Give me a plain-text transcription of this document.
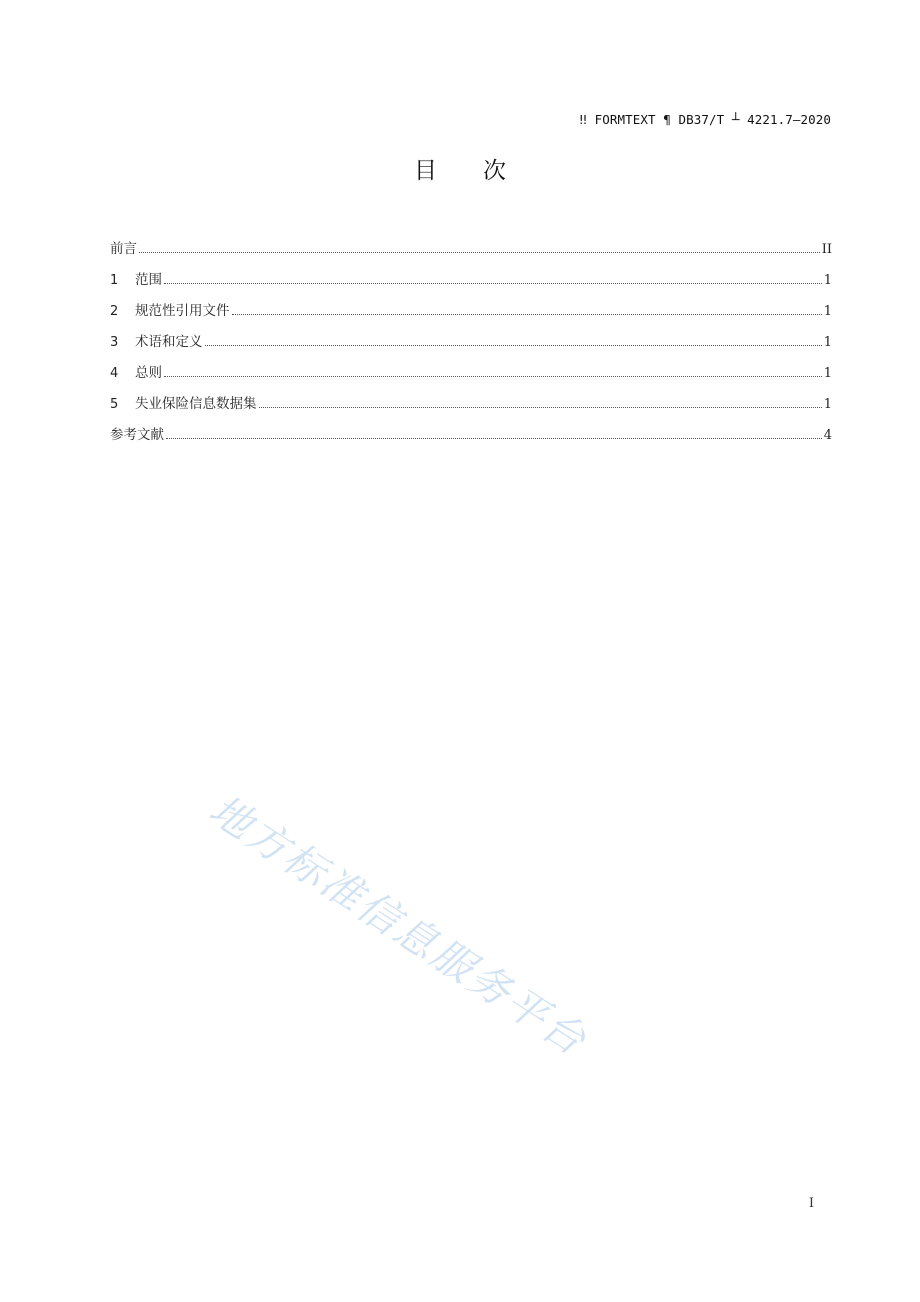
‼ FORMTEXT ¶ DB37/T ┴ 4221.7—2020
目次
前言	II
1	范围	1
2	规范性引用文件	1
3	术语和定义	1
4	总则	1
5	失业保险信息数据集	1
参考文献	4
地方标准信息服务平台
I
